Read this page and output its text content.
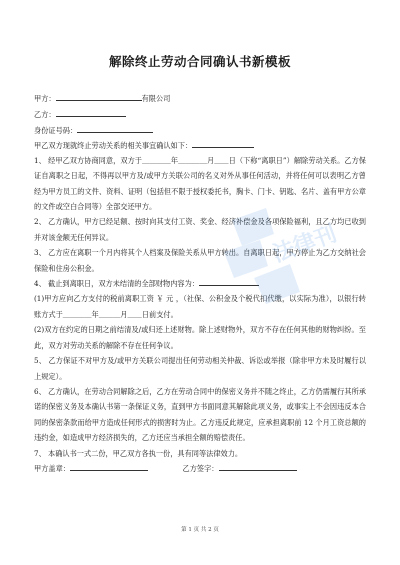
解除终止劳动合同确认书新模板
甲方：	有限公司
乙方：
身份证号码：
甲乙双方现就终止劳动关系的相关事宜确认如下：

1、 经甲乙双方协商同意，双方于＿＿＿＿年＿＿＿＿月＿＿日（下称“离职日”）解除劳动关系。乙方保证自离职之日起，不得再以甲方及/或甲方关联公司的名义对外从事任何活动，并将任何可以表明乙方曾经为甲方员工的文件、资料、证明（包括但不限于授权委托书，胸卡、门卡、钥匙、名片、盖有甲方公章的文件或空白合同等）全部交还甲方。

2、 乙方确认，甲方已经足额、按时向其支付工资、奖金、经济补偿金及各项保险福利，且乙方均已收到并对该金额无任何异议。

3、 乙方应在离职一个月内将其个人档案及保险关系从甲方转出。自离职日起，甲方停止为乙方交纳社会保险和住房公积金。

4、 截止到离职日，双方未结清的全部财物内容为：

(1)甲方应向乙方支付的税前离职工资 ￥ 元 ，（社保、公积金及个税代扣代缴，以实际为准），以银行转账方式于＿＿＿＿年＿＿＿月＿＿日前支付。

(2)双方在约定的日期之前结清及/或归还上述财物。除上述财物外，双方不存在任何其他的财物纠纷。至此，双方对劳动关系的解除不存在任何争议。

5、 乙方保证不对甲方及/或甲方关联公司提出任何劳动相关仲裁、诉讼或举报（除非甲方未及时履行以上规定）。

6、 乙方确认，在劳动合同解除之后，乙方在劳动合同中的保密义务并不随之终止，乙方仍需履行其所承诺的保密义务及本确认书第一条保证义务，直到甲方书面同意其解除此项义务，或事实上不会因违反本合同的保密条款而给甲方造成任何形式的损害时为止。乙方违反此规定，应承担离职前 12 个月工资总额的违约金，如造成甲方经济损失的，乙方还应当承担全额的赔偿责任。

7、 本确认书一式二份，甲乙双方各执一份，具有同等法律效力。

甲方盖章：	乙方签字：
第 1 页 共 2 页
法律刊
